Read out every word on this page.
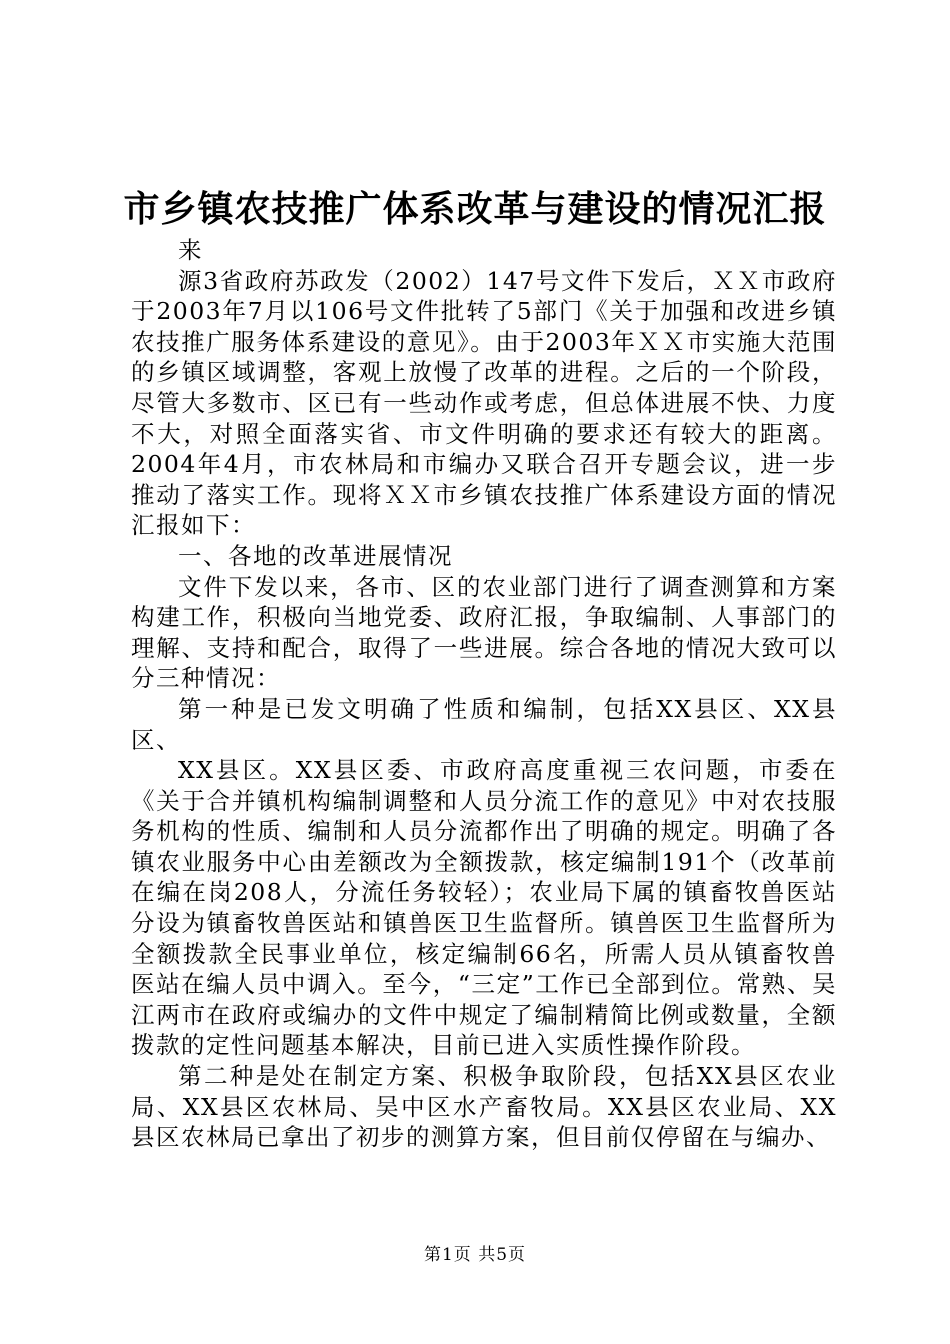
市乡镇农技推广体系改革与建设的情况汇报

来

源3省政府苏政发（2002）147号文件下发后，ＸＸ市政府于2003年7月以106号文件批转了5部门《关于加强和改进乡镇农技推广服务体系建设的意见》。由于2003年ＸＸ市实施大范围的乡镇区域调整，客观上放慢了改革的进程。之后的一个阶段，尽管大多数市、区已有一些动作或考虑，但总体进展不快、力度不大，对照全面落实省、市文件明确的要求还有较大的距离。2004年4月，市农林局和市编办又联合召开专题会议，进一步推动了落实工作。现将ＸＸ市乡镇农技推广体系建设方面的情况汇报如下：

一、各地的改革进展情况

文件下发以来，各市、区的农业部门进行了调查测算和方案构建工作，积极向当地党委、政府汇报，争取编制、人事部门的理解、支持和配合，取得了一些进展。综合各地的情况大致可以分三种情况：

第一种是已发文明确了性质和编制，包括XX县区、XX县区、

XX县区。XX县区委、市政府高度重视三农问题，市委在《关于合并镇机构编制调整和人员分流工作的意见》中对农技服务机构的性质、编制和人员分流都作出了明确的规定。明确了各镇农业服务中心由差额改为全额拨款，核定编制191个（改革前在编在岗208人，分流任务较轻）；农业局下属的镇畜牧兽医站分设为镇畜牧兽医站和镇兽医卫生监督所。镇兽医卫生监督所为全额拨款全民事业单位，核定编制66名，所需人员从镇畜牧兽医站在编人员中调入。至今，“三定”工作已全部到位。常熟、吴江两市在政府或编办的文件中规定了编制精简比例或数量，全额拨款的定性问题基本解决，目前已进入实质性操作阶段。

第二种是处在制定方案、积极争取阶段，包括XX县区农业局、XX县区农林局、吴中区水产畜牧局。XX县区农业局、XX县区农林局已拿出了初步的测算方案，但目前仅停留在与编办、

第1页 共5页
